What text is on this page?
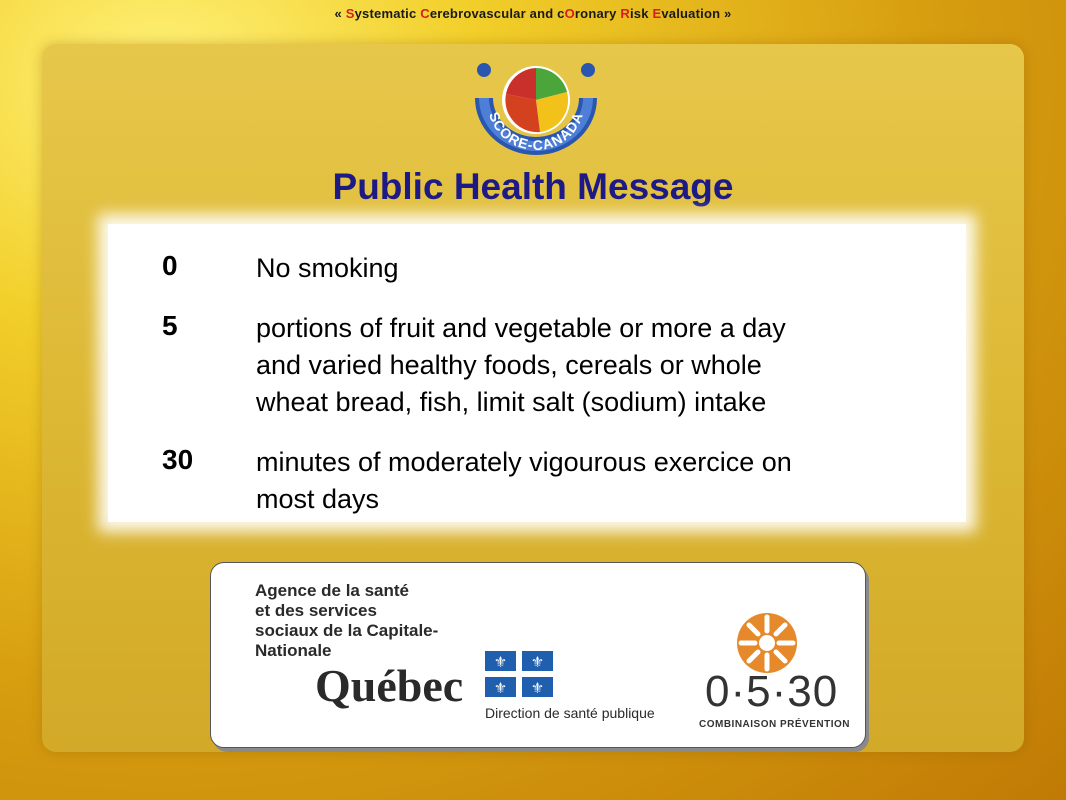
« Systematic Cerebrovascular and cOronary Risk Evaluation »
SCORE-CANADA
Public Health Message
0	No smoking
5	portions of fruit and vegetable or more a day
and varied healthy foods, cereals or whole
wheat bread, fish, limit salt (sodium) intake
30 minutes of moderately vigourous exercice on
most days
Agence de la santé
et des services
sociaux de la Capitale-
Nationale
Québec ⚜ ⚜
⚜ ⚜
Direction de santé publique 0·5·30
COMBINAISON PRÉVENTION
